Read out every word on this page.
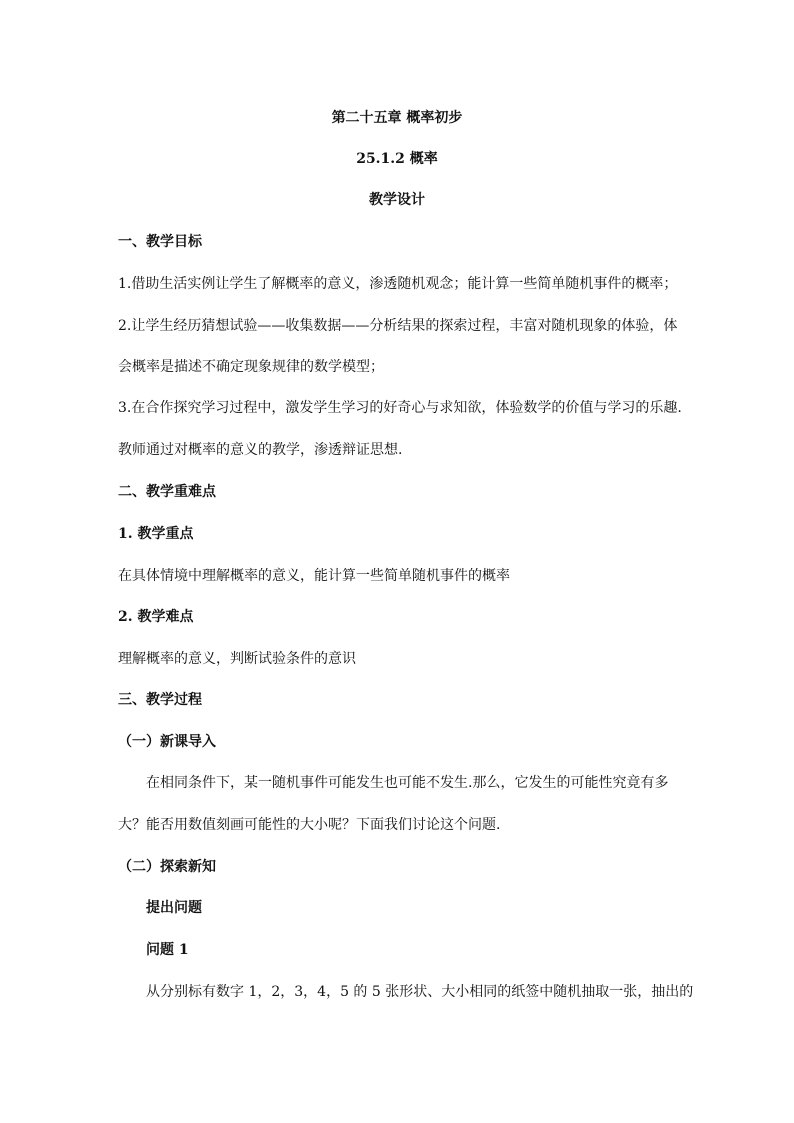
第二十五章 概率初步
25.1.2 概率
教学设计
一、教学目标
1.借助生活实例让学生了解概率的意义，渗透随机观念；能计算一些简单随机事件的概率；
2.让学生经历猜想试验——收集数据——分析结果的探索过程，丰富对随机现象的体验，体
会概率是描述不确定现象规律的数学模型；
3.在合作探究学习过程中，激发学生学习的好奇心与求知欲，体验数学的价值与学习的乐趣.
教师通过对概率的意义的教学，渗透辩证思想.
二、教学重难点
1. 教学重点
在具体情境中理解概率的意义，能计算一些简单随机事件的概率
2. 教学难点
理解概率的意义，判断试验条件的意识
三、教学过程
（一）新课导入
在相同条件下，某一随机事件可能发生也可能不发生.那么，它发生的可能性究竟有多
大？能否用数值刻画可能性的大小呢？下面我们讨论这个问题.
（二）探索新知
提出问题
问题 1
从分别标有数字 1，2，3，4，5 的 5 张形状、大小相同的纸签中随机抽取一张，抽出的
